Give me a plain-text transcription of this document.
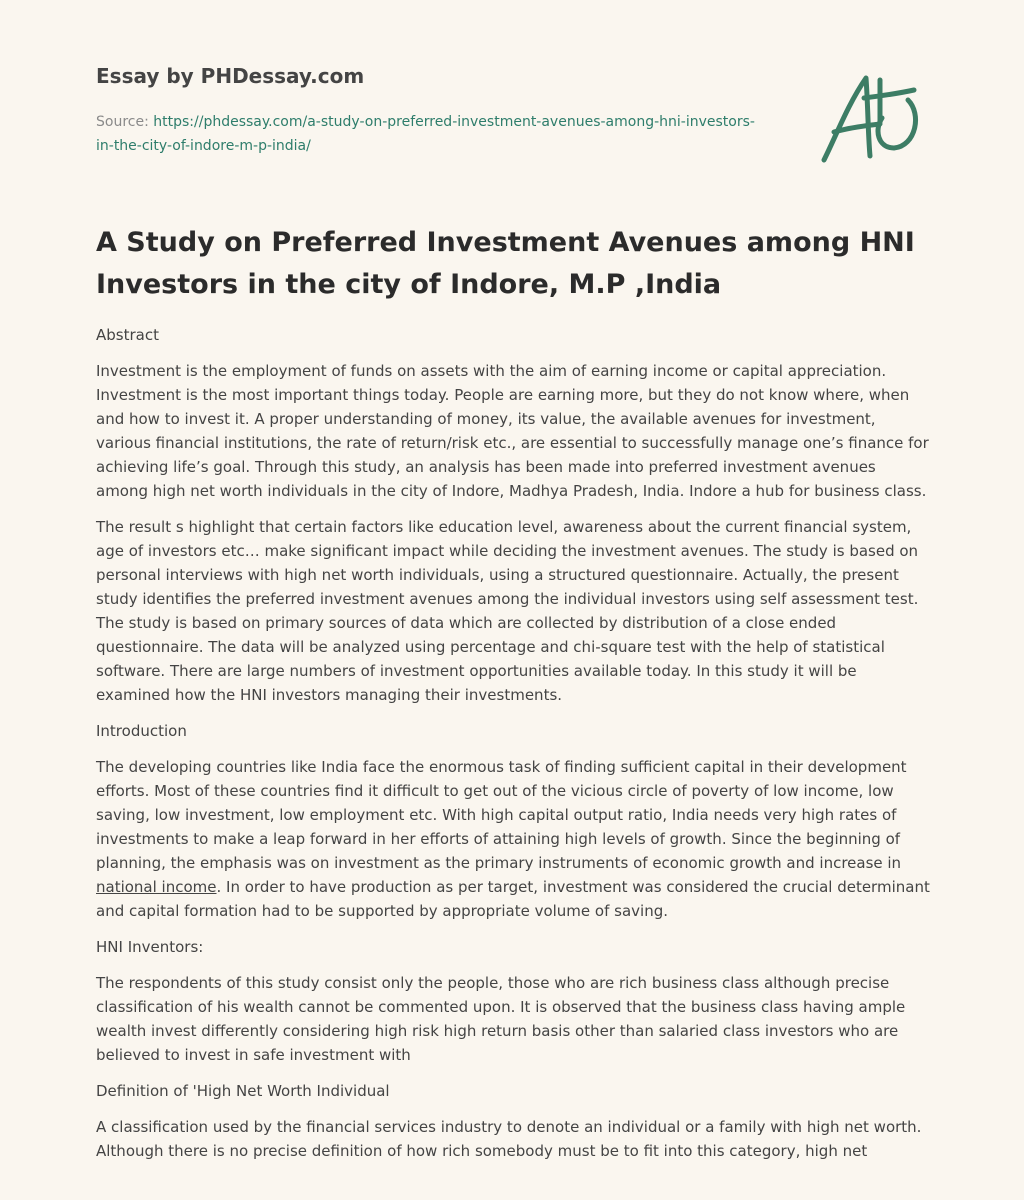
Essay by PHDessay.com
Source: https://phdessay.com/a-study-on-preferred-investment-avenues-among-hni-investors-in-the-city-of-indore-m-p-india/
A Study on Preferred Investment Avenues among HNI Investors in the city of Indore, M.P ,India
Abstract

Investment is the employment of funds on assets with the aim of earning income or capital appreciation. Investment is the most important things today. People are earning more, but they do not know where, when and how to invest it. A proper understanding of money, its value, the available avenues for investment, various financial institutions, the rate of return/risk etc., are essential to successfully manage one’s finance for achieving life’s goal. Through this study, an analysis has been made into preferred investment avenues among high net worth individuals in the city of Indore, Madhya Pradesh, India. Indore a hub for business class.

The result s highlight that certain factors like education level, awareness about the current financial system, age of investors etc… make significant impact while deciding the investment avenues. The study is based on personal interviews with high net worth individuals, using a structured questionnaire. Actually, the present study identifies the preferred investment avenues among the individual investors using self assessment test. The study is based on primary sources of data which are collected by distribution of a close ended questionnaire. The data will be analyzed using percentage and chi-square test with the help of statistical software. There are large numbers of investment opportunities available today. In this study it will be examined how the HNI investors managing their investments.

Introduction

The developing countries like India face the enormous task of finding sufficient capital in their development efforts. Most of these countries find it difficult to get out of the vicious circle of poverty of low income, low saving, low investment, low employment etc. With high capital output ratio, India needs very high rates of investments to make a leap forward in her efforts of attaining high levels of growth. Since the beginning of planning, the emphasis was on investment as the primary instruments of economic growth and increase in national income. In order to have production as per target, investment was considered the crucial determinant and capital formation had to be supported by appropriate volume of saving.

HNI Inventors:

The respondents of this study consist only the people, those who are rich business class although precise classification of his wealth cannot be commented upon. It is observed that the business class having ample wealth invest differently considering high risk high return basis other than salaried class investors who are believed to invest in safe investment with

Definition of 'High Net Worth Individual

A classification used by the financial services industry to denote an individual or a family with high net worth. Although there is no precise definition of how rich somebody must be to fit into this category, high net
